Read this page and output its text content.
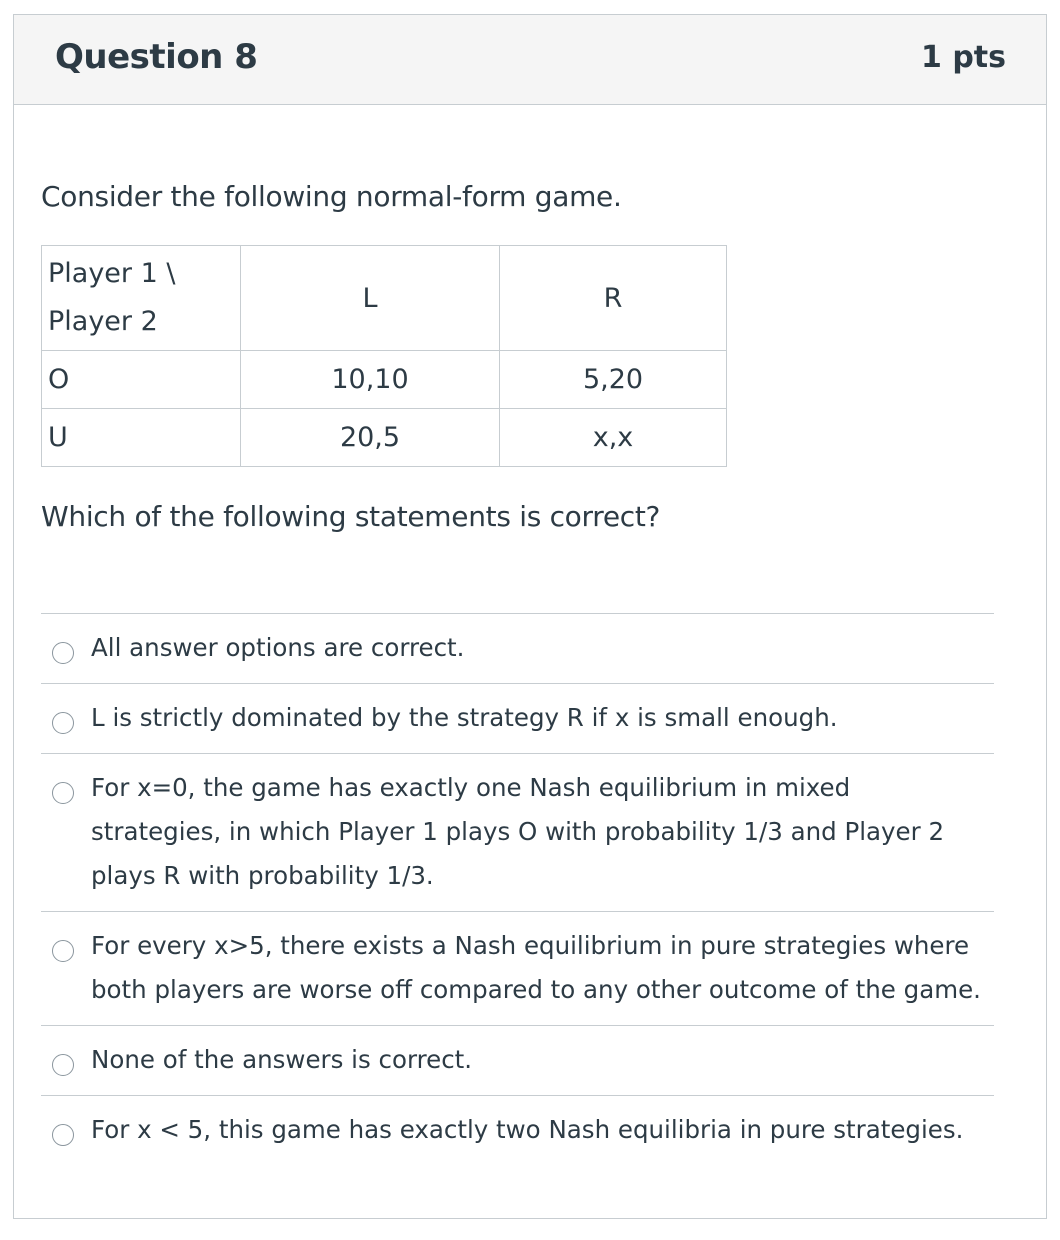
Question 8	1 pts
Consider the following normal-form game.
Player 1 \
Player 2	L	R
O	10,10	5,20
U	20,5	x,x
Which of the following statements is correct?
All answer options are correct.
L is strictly dominated by the strategy R if x is small enough.
For x=0, the game has exactly one Nash equilibrium in mixed strategies, in which Player 1 plays O with probability 1/3 and Player 2 plays R with probability 1/3.
For every x>5, there exists a Nash equilibrium in pure strategies where both players are worse off compared to any other outcome of the game.
None of the answers is correct.
For x < 5, this game has exactly two Nash equilibria in pure strategies.
